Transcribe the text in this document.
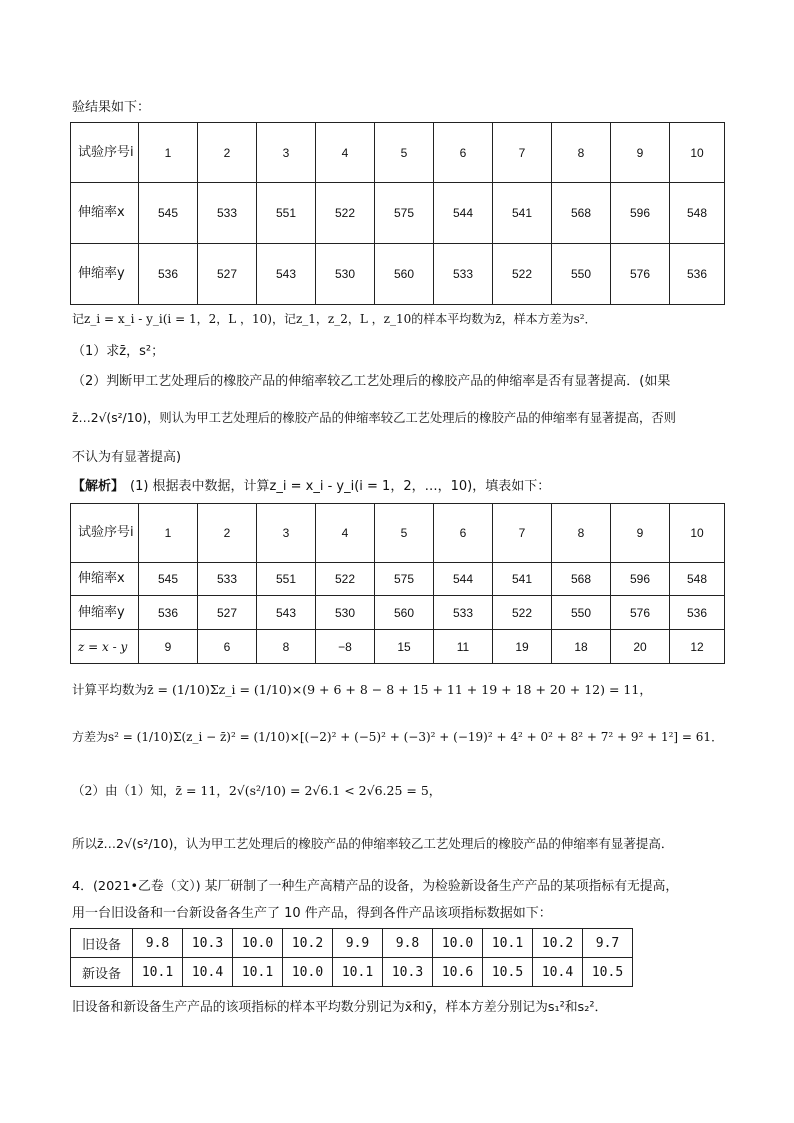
验结果如下：
试验序号i	1	2	3	4	5	6	7	8	9	10
伸缩率x	545	533	551	522	575	544	541	568	596	548
伸缩率y	536	527	543	530	560	533	522	550	576	536
记z_i = x_i - y_i(i = 1，2，L ，10)，记z_1，z_2，L ，z_10的样本平均数为z̄，样本方差为s²．
（1）求z̄，s²；
（2）判断甲工艺处理后的橡胶产品的伸缩率较乙工艺处理后的橡胶产品的伸缩率是否有显著提高．(如果
z̄…2√(s²/10)，则认为甲工艺处理后的橡胶产品的伸缩率较乙工艺处理后的橡胶产品的伸缩率有显著提高，否则
不认为有显著提高)
【解析】 (1) 根据表中数据，计算z_i = x_i - y_i(i = 1，2，…，10)，填表如下：
试验序号i	1	2	3	4	5	6	7	8	9	10
伸缩率x	545	533	551	522	575	544	541	568	596	548
伸缩率y	536	527	543	530	560	533	522	550	576	536
z = x - y	9	6	8	−8	15	11	19	18	20	12
计算平均数为z̄ = (1/10)Σz_i = (1/10)×(9 + 6 + 8 − 8 + 15 + 11 + 19 + 18 + 20 + 12) = 11，
方差为s² = (1/10)Σ(z_i − z̄)² = (1/10)×[(−2)² + (−5)² + (−3)² + (−19)² + 4² + 0² + 8² + 7² + 9² + 1²] = 61．
（2）由（1）知，z̄ = 11，2√(s²/10) = 2√6.1 < 2√6.25 = 5，
所以z̄…2√(s²/10)，认为甲工艺处理后的橡胶产品的伸缩率较乙工艺处理后的橡胶产品的伸缩率有显著提高．
4．(2021•乙卷（文）) 某厂研制了一种生产高精产品的设备，为检验新设备生产产品的某项指标有无提高，
用一台旧设备和一台新设备各生产了 10 件产品，得到各件产品该项指标数据如下：
旧设备	9.8	10.3	10.0	10.2	9.9	9.8	10.0	10.1	10.2	9.7
新设备	10.1	10.4	10.1	10.0	10.1	10.3	10.6	10.5	10.4	10.5
旧设备和新设备生产产品的该项指标的样本平均数分别记为x̄和ȳ，样本方差分别记为s₁²和s₂²．
